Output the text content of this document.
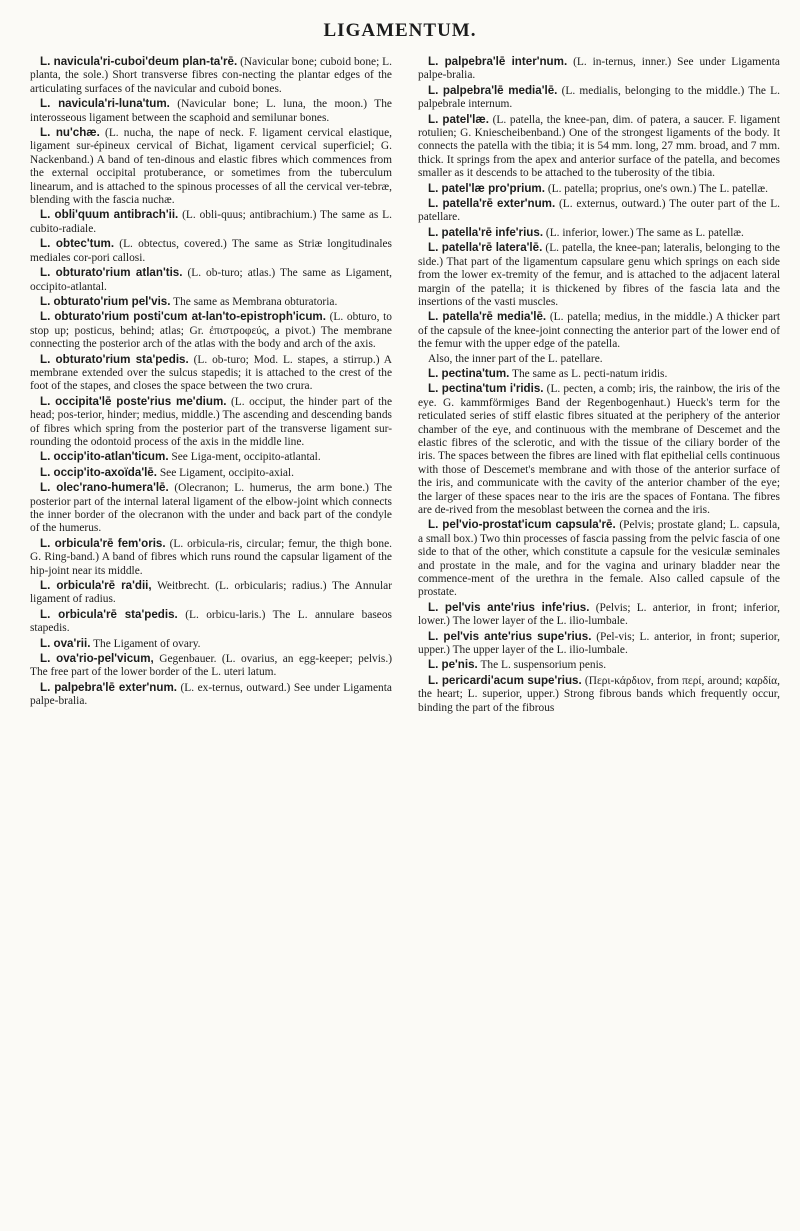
LIGAMENTUM.

L. navicula'ri-cuboi'deum plan-ta'rē. (Navicular bone; cuboid bone; L. planta, the sole.) Short transverse fibres con-necting the plantar edges of the articulating surfaces of the navicular and cuboid bones.

L. navicula'ri-luna'tum. (Navicular bone; L. luna, the moon.) The interosseous ligament between the scaphoid and semilunar bones.

L. nu'chæ. (L. nucha, the nape of neck. F. ligament cervical elastique, ligament sur-épineux cervical of Bichat, ligament cervical superficiel; G. Nackenband.) A band of ten-dinous and elastic fibres which commences from the external occipital protuberance, or sometimes from the tuberculum linearum, and is attached to the spinous processes of all the cervical ver-tebræ, blending with the fascia nuchæ.

L. obli'quum antibrach'ii. (L. obli-quus; antibrachium.) The same as L. cubito-radiale.

L. obtec'tum. (L. obtectus, covered.) The same as Striæ longitudinales mediales cor-pori callosi.

L. obturato'rium atlan'tis. (L. ob-turo; atlas.) The same as Ligament, occipito-atlantal.

L. obturato'rium pel'vis. The same as Membrana obturatoria.

L. obturato'rium posti'cum at-lan'to-epistroph'icum. (L. obturo, to stop up; posticus, behind; atlas; Gr. ἐπιστροφεύς, a pivot.) The membrane connecting the posterior arch of the atlas with the body and arch of the axis.

L. obturato'rium sta'pedis. (L. ob-turo; Mod. L. stapes, a stirrup.) A membrane extended over the sulcus stapedis; it is attached to the crest of the foot of the stapes, and closes the space between the two crura.

L. occipita'lē poste'rius me'dium. (L. occiput, the hinder part of the head; pos-terior, hinder; medius, middle.) The ascending and descending bands of fibres which spring from the posterior part of the transverse ligament sur-rounding the odontoid process of the axis in the middle line.

L. occip'ito-atlan'ticum. See Liga-ment, occipito-atlantal.

L. occip'ito-axoïda'lē. See Ligament, occipito-axial.

L. olec'rano-humera'lē. (Olecranon; L. humerus, the arm bone.) The posterior part of the internal lateral ligament of the elbow-joint which connects the inner border of the olecranon with the under and back part of the condyle of the humerus.

L. orbicula'rē fem'oris. (L. orbicula-ris, circular; femur, the thigh bone. G. Ring-band.) A band of fibres which runs round the capsular ligament of the hip-joint near its middle.

L. orbicula'rē ra'dii, Weitbrecht. (L. orbicularis; radius.) The Annular ligament of radius.

L. orbicula'rē sta'pedis. (L. orbicu-laris.) The L. annulare baseos stapedis.

L. ova'rii. The Ligament of ovary.

L. ova'rio-pel'vicum, Gegenbauer. (L. ovarius, an egg-keeper; pelvis.) The free part of the lower border of the L. uteri latum.

L. palpebra'lē exter'num. (L. ex-ternus, outward.) See under Ligamenta palpe-bralia.

L. palpebra'lē inter'num. (L. in-ternus, inner.) See under Ligamenta palpe-bralia.

L. palpebra'lē media'lē. (L. medialis, belonging to the middle.) The L. palpebrale internum.

L. patel'læ. (L. patella, the knee-pan, dim. of patera, a saucer. F. ligament rotulien; G. Kniescheibenband.) One of the strongest ligaments of the body. It connects the patella with the tibia; it is 54 mm. long, 27 mm. broad, and 7 mm. thick. It springs from the apex and anterior surface of the patella, and becomes smaller as it descends to be attached to the tuberosity of the tibia.

L. patel'læ pro'prium. (L. patella; proprius, one's own.) The L. patellæ.

L. patella'rē exter'num. (L. externus, outward.) The outer part of the L. patellare.

L. patella'rē infe'rius. (L. inferior, lower.) The same as L. patellæ.

L. patella'rē latera'lē. (L. patella, the knee-pan; lateralis, belonging to the side.) That part of the ligamentum capsulare genu which springs on each side from the lower ex-tremity of the femur, and is attached to the adjacent lateral margin of the patella; it is thickened by fibres of the fascia lata and the insertions of the vasti muscles.

L. patella'rē media'lē. (L. patella; medius, in the middle.) A thicker part of the capsule of the knee-joint connecting the anterior part of the lower end of the femur with the upper edge of the patella.

Also, the inner part of the L. patellare.

L. pectina'tum. The same as L. pecti-natum iridis.

L. pectina'tum i'ridis. (L. pecten, a comb; iris, the rainbow, the iris of the eye. G. kammförmiges Band der Regenbogenhaut.) Hueck's term for the reticulated series of stiff elastic fibres situated at the periphery of the anterior chamber of the eye, and continuous with the membrane of Descemet and the elastic fibres of the sclerotic, and with the tissue of the ciliary border of the iris. The spaces between the fibres are lined with flat epithelial cells continuous with those of Descemet's membrane and with those of the anterior surface of the iris, and communicate with the cavity of the anterior chamber of the eye; the larger of these spaces near to the iris are the spaces of Fontana. The fibres are de-rived from the mesoblast between the cornea and the iris.

L. pel'vio-prostat'icum capsula'rē. (Pelvis; prostate gland; L. capsula, a small box.) Two thin processes of fascia passing from the pelvic fascia of one side to that of the other, which constitute a capsule for the vesiculæ seminales and prostate in the male, and for the vagina and urinary bladder near the commence-ment of the urethra in the female. Also called capsule of the prostate.

L. pel'vis ante'rius infe'rius. (Pelvis; L. anterior, in front; inferior, lower.) The lower layer of the L. ilio-lumbale.

L. pel'vis ante'rius supe'rius. (Pel-vis; L. anterior, in front; superior, upper.) The upper layer of the L. ilio-lumbale.

L. pe'nis. The L. suspensorium penis.

L. pericardi'acum supe'rius. (Περι-κάρδιον, from περί, around; καρδία, the heart; L. superior, upper.) Strong fibrous bands which frequently occur, binding the part of the fibrous
